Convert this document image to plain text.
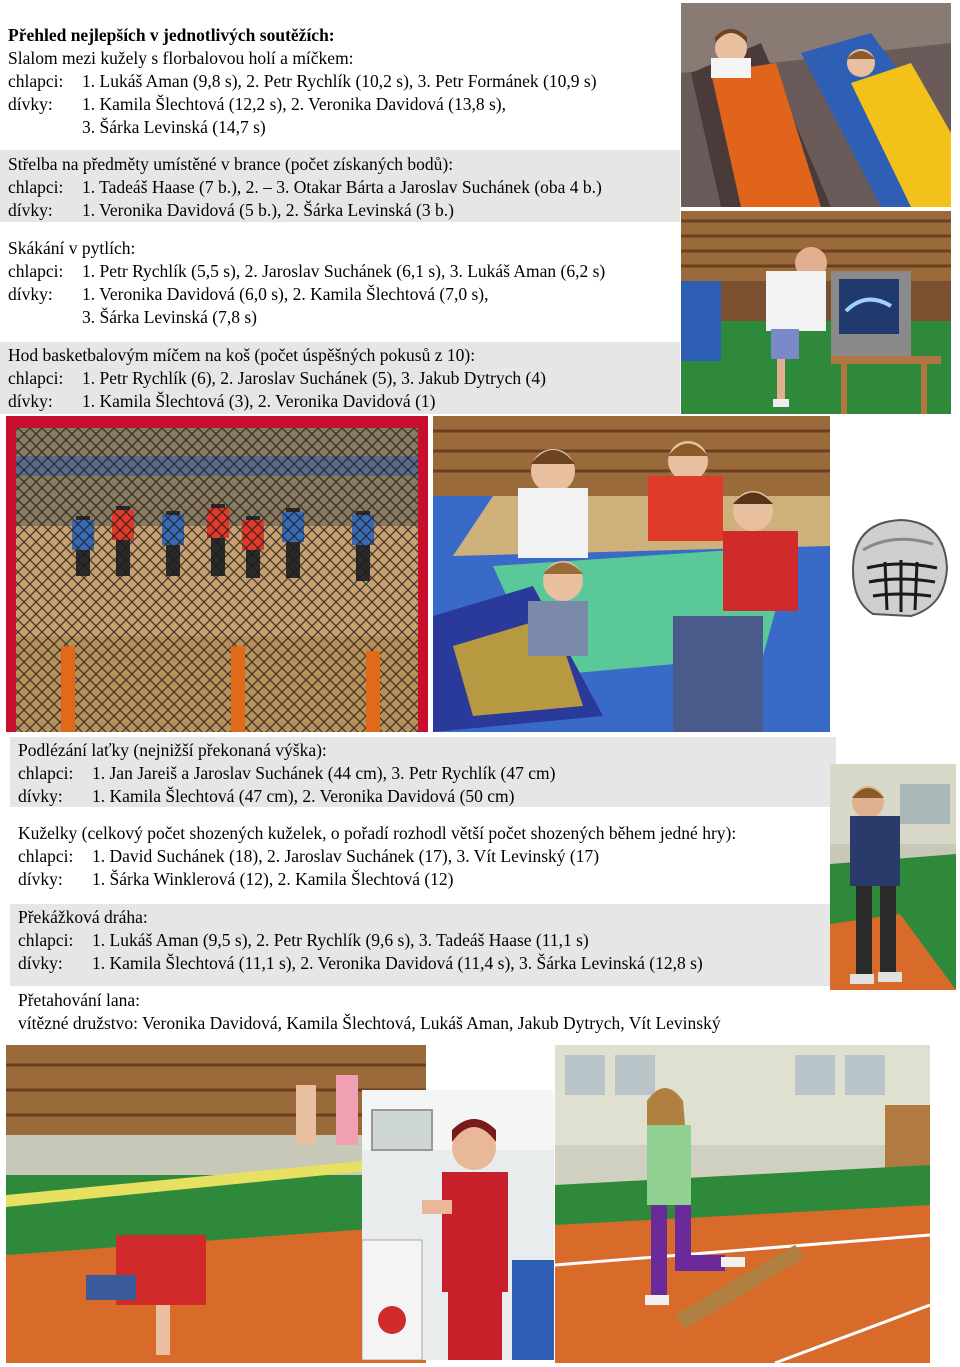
Přehled nejlepších v jednotlivých soutěžích:
Slalom mezi kužely s florbalovou holí a míčkem:
chlapci: 1. Lukáš Aman (9,8 s), 2. Petr Rychlík (10,2 s), 3. Petr Formánek (10,9 s)
dívky: 1. Kamila Šlechtová (12,2 s), 2. Veronika Davidová (13,8 s),
3. Šárka Levinská (14,7 s)
Střelba na předměty umístěné v brance (počet získaných bodů):
chlapci: 1. Tadeáš Haase (7 b.), 2. – 3. Otakar Bárta a Jaroslav Suchánek (oba 4 b.)
dívky: 1. Veronika Davidová (5 b.), 2. Šárka Levinská (3 b.)
Skákání v pytlích:
chlapci: 1. Petr Rychlík (5,5 s), 2. Jaroslav Suchánek (6,1 s), 3. Lukáš Aman (6,2 s)
dívky: 1. Veronika Davidová (6,0 s), 2. Kamila Šlechtová (7,0 s),
3. Šárka Levinská (7,8 s)
Hod basketbalovým míčem na koš (počet úspěšných pokusů z 10):
chlapci: 1. Petr Rychlík (6), 2. Jaroslav Suchánek (5), 3. Jakub Dytrych (4)
dívky: 1. Kamila Šlechtová (3), 2. Veronika Davidová (1)
Podlézání laťky (nejnižší překonaná výška):
chlapci: 1. Jan Jareiš a Jaroslav Suchánek (44 cm), 3. Petr Rychlík (47 cm)
dívky: 1. Kamila Šlechtová (47 cm), 2. Veronika Davidová (50 cm)
Kuželky (celkový počet shozených kuželek, o pořadí rozhodl větší počet shozených během jedné hry):
chlapci: 1. David Suchánek (18), 2. Jaroslav Suchánek (17), 3. Vít Levinský (17)
dívky: 1. Šárka Winklerová (12), 2. Kamila Šlechtová (12)
Překážková dráha:
chlapci: 1. Lukáš Aman (9,5 s), 2. Petr Rychlík (9,6 s), 3. Tadeáš Haase (11,1 s)
dívky: 1. Kamila Šlechtová (11,1 s), 2. Veronika Davidová (11,4 s), 3. Šárka Levinská (12,8 s)
Přetahování lana:
vítězné družstvo: Veronika Davidová, Kamila Šlechtová, Lukáš Aman, Jakub Dytrych, Vít Levinský
